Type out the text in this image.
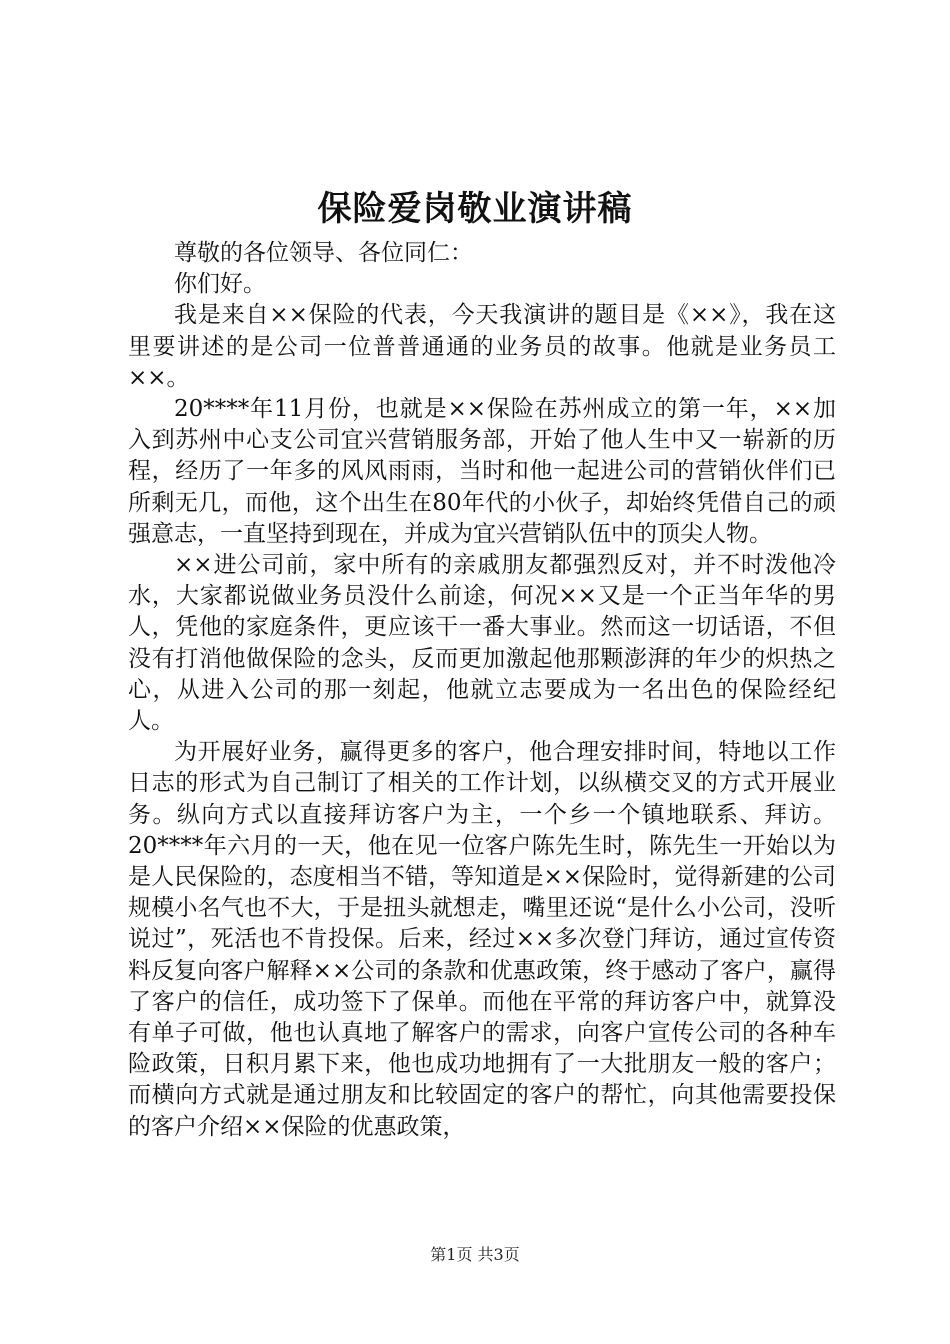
保险爱岗敬业演讲稿

尊敬的各位领导、各位同仁：

你们好。

我是来自××保险的代表，今天我演讲的题目是《××》，我在这里要讲述的是公司一位普普通通的业务员的故事。他就是业务员工××。

20****年11月份，也就是××保险在苏州成立的第一年，××加入到苏州中心支公司宜兴营销服务部，开始了他人生中又一崭新的历程，经历了一年多的风风雨雨，当时和他一起进公司的营销伙伴们已所剩无几，而他，这个出生在80年代的小伙子，却始终凭借自己的顽强意志，一直坚持到现在，并成为宜兴营销队伍中的顶尖人物。

××进公司前，家中所有的亲戚朋友都强烈反对，并不时泼他冷水，大家都说做业务员没什么前途，何况××又是一个正当年华的男人，凭他的家庭条件，更应该干一番大事业。然而这一切话语，不但没有打消他做保险的念头，反而更加激起他那颗澎湃的年少的炽热之心，从进入公司的那一刻起，他就立志要成为一名出色的保险经纪人。

为开展好业务，赢得更多的客户，他合理安排时间，特地以工作日志的形式为自己制订了相关的工作计划，以纵横交叉的方式开展业务。纵向方式以直接拜访客户为主，一个乡一个镇地联系、拜访。20****年六月的一天，他在见一位客户陈先生时，陈先生一开始以为是人民保险的，态度相当不错，等知道是××保险时，觉得新建的公司规模小名气也不大，于是扭头就想走，嘴里还说“是什么小公司，没听说过”，死活也不肯投保。后来，经过××多次登门拜访，通过宣传资料反复向客户解释××公司的条款和优惠政策，终于感动了客户，赢得了客户的信任，成功签下了保单。而他在平常的拜访客户中，就算没有单子可做，他也认真地了解客户的需求，向客户宣传公司的各种车险政策，日积月累下来，他也成功地拥有了一大批朋友一般的客户；而横向方式就是通过朋友和比较固定的客户的帮忙，向其他需要投保的客户介绍××保险的优惠政策，

第1页 共3页
